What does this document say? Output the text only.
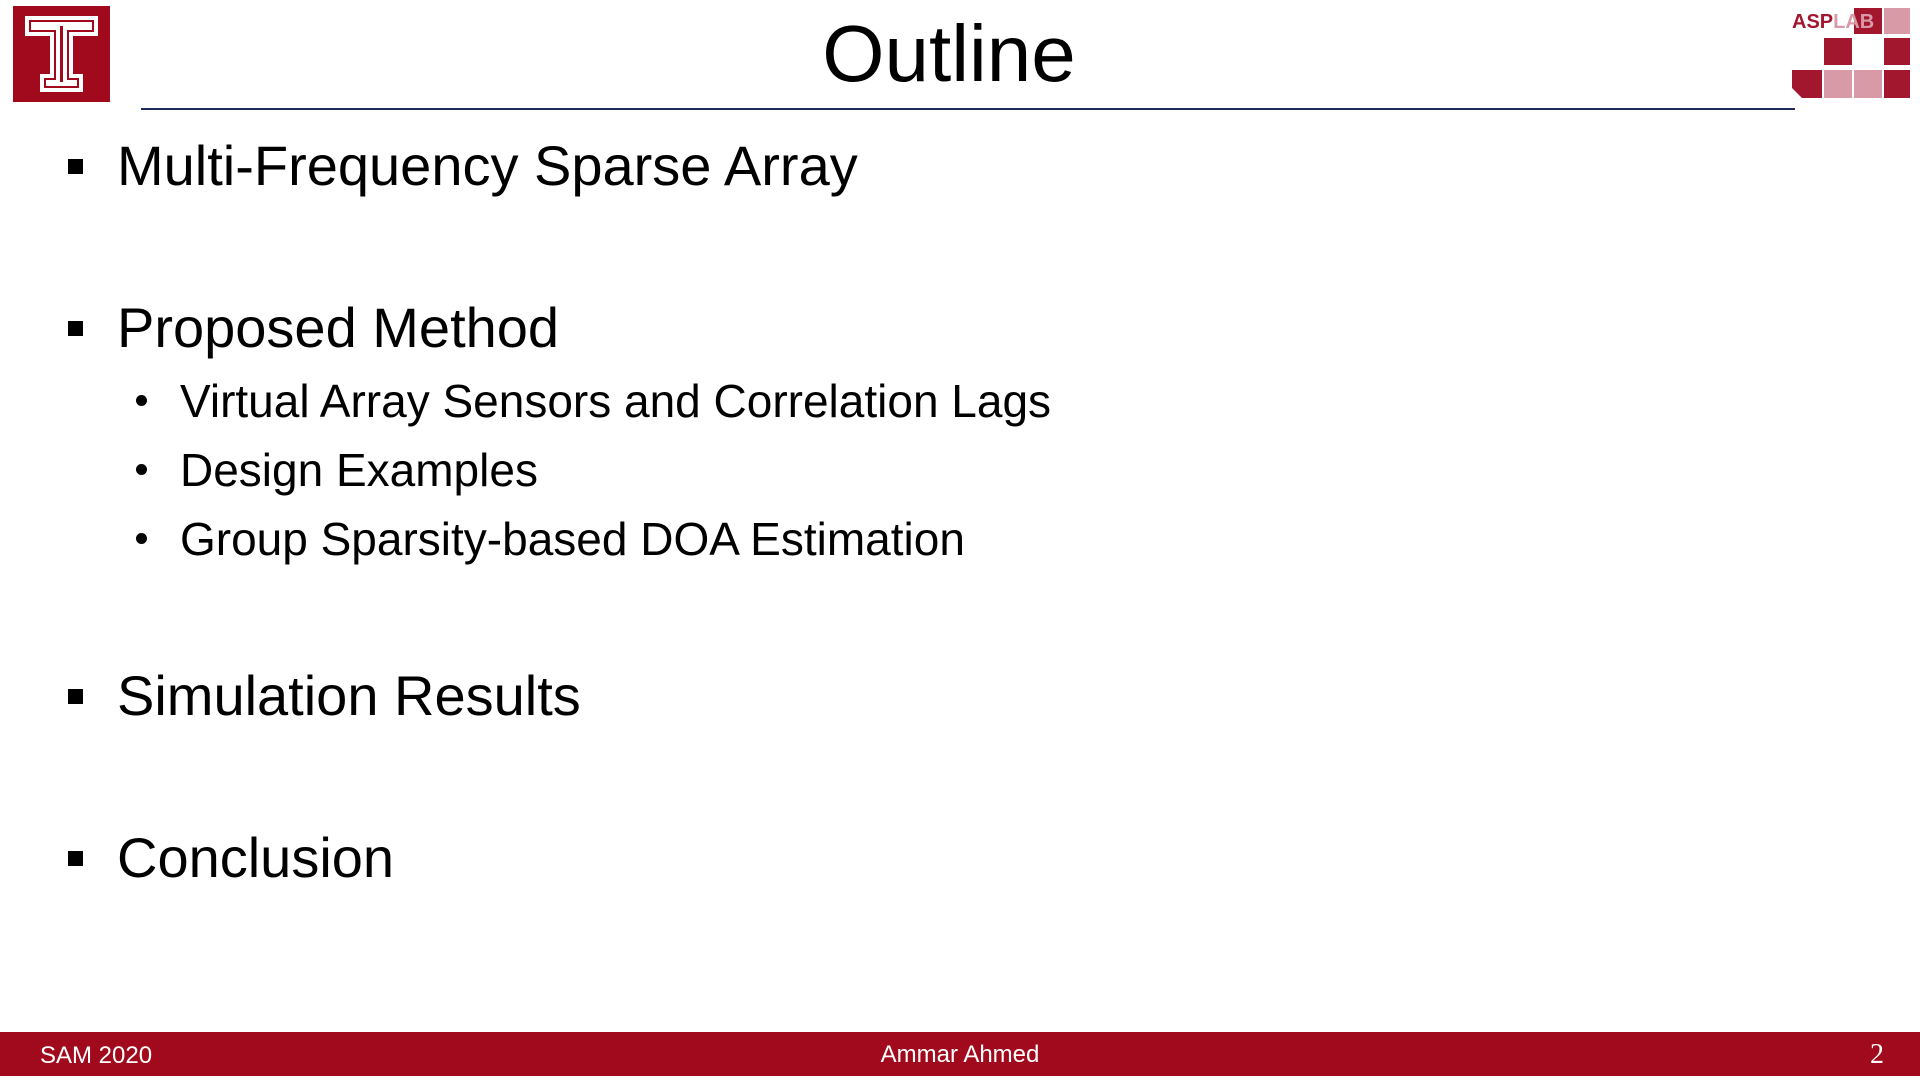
Outline	ASPLAB
Multi-Frequency Sparse Array
Proposed Method
Virtual Array Sensors and Correlation Lags
Design Examples
Group Sparsity-based DOA Estimation
Simulation Results
Conclusion
SAM 2020	Ammar Ahmed	2
